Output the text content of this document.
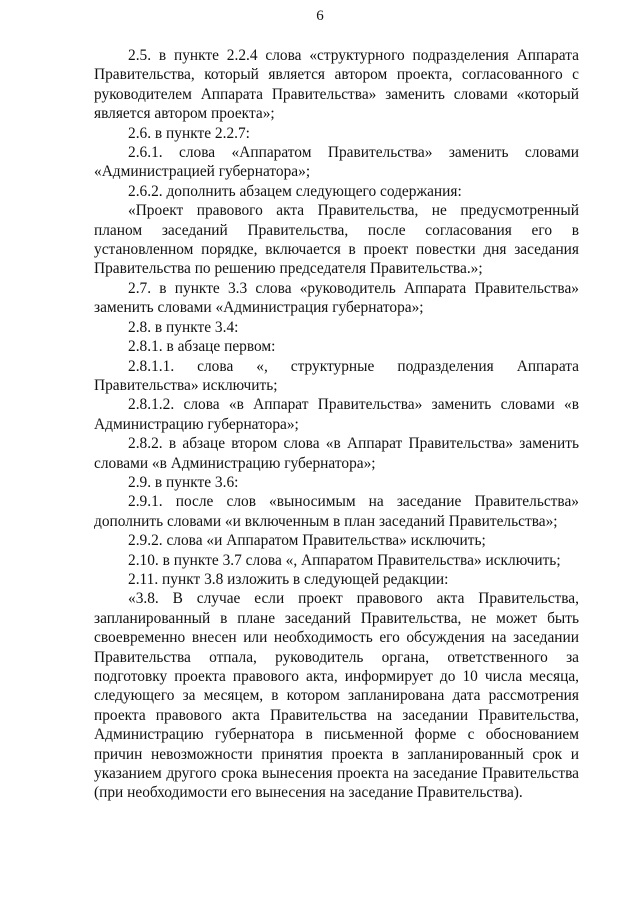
6

2.5. в пункте 2.2.4 слова «структурного подразделения Аппарата Правительства, который является автором проекта, согласованного с руководителем Аппарата Правительства» заменить словами «который является автором проекта»;

2.6. в пункте 2.2.7:

2.6.1. слова «Аппаратом Правительства» заменить словами «Администрацией губернатора»;

2.6.2. дополнить абзацем следующего содержания:

«Проект правового акта Правительства, не предусмотренный планом заседаний Правительства, после согласования его в установленном порядке, включается в проект повестки дня заседания Правительства по решению председателя Правительства.»;

2.7. в пункте 3.3 слова «руководитель Аппарата Правительства» заменить словами «Администрация губернатора»;

2.8. в пункте 3.4:

2.8.1. в абзаце первом:

2.8.1.1. слова «, структурные подразделения Аппарата Правительства» исключить;

2.8.1.2. слова «в Аппарат Правительства» заменить словами «в Администрацию губернатора»;

2.8.2. в абзаце втором слова «в Аппарат Правительства» заменить словами «в Администрацию губернатора»;

2.9. в пункте 3.6:

2.9.1. после слов «выносимым на заседание Правительства» дополнить словами «и включенным в план заседаний Правительства»;

2.9.2. слова «и Аппаратом Правительства» исключить;

2.10. в пункте 3.7 слова «, Аппаратом Правительства» исключить;

2.11. пункт 3.8 изложить в следующей редакции:

«3.8. В случае если проект правового акта Правительства, запланированный в плане заседаний Правительства, не может быть своевременно внесен или необходимость его обсуждения на заседании Правительства отпала, руководитель органа, ответственного за подготовку проекта правового акта, информирует до 10 числа месяца, следующего за месяцем, в котором запланирована дата рассмотрения проекта правового акта Правительства на заседании Правительства, Администрацию губернатора в письменной форме с обоснованием причин невозможности принятия проекта в запланированный срок и указанием другого срока вынесения проекта на заседание Правительства (при необходимости его вынесения на заседание Правительства).
